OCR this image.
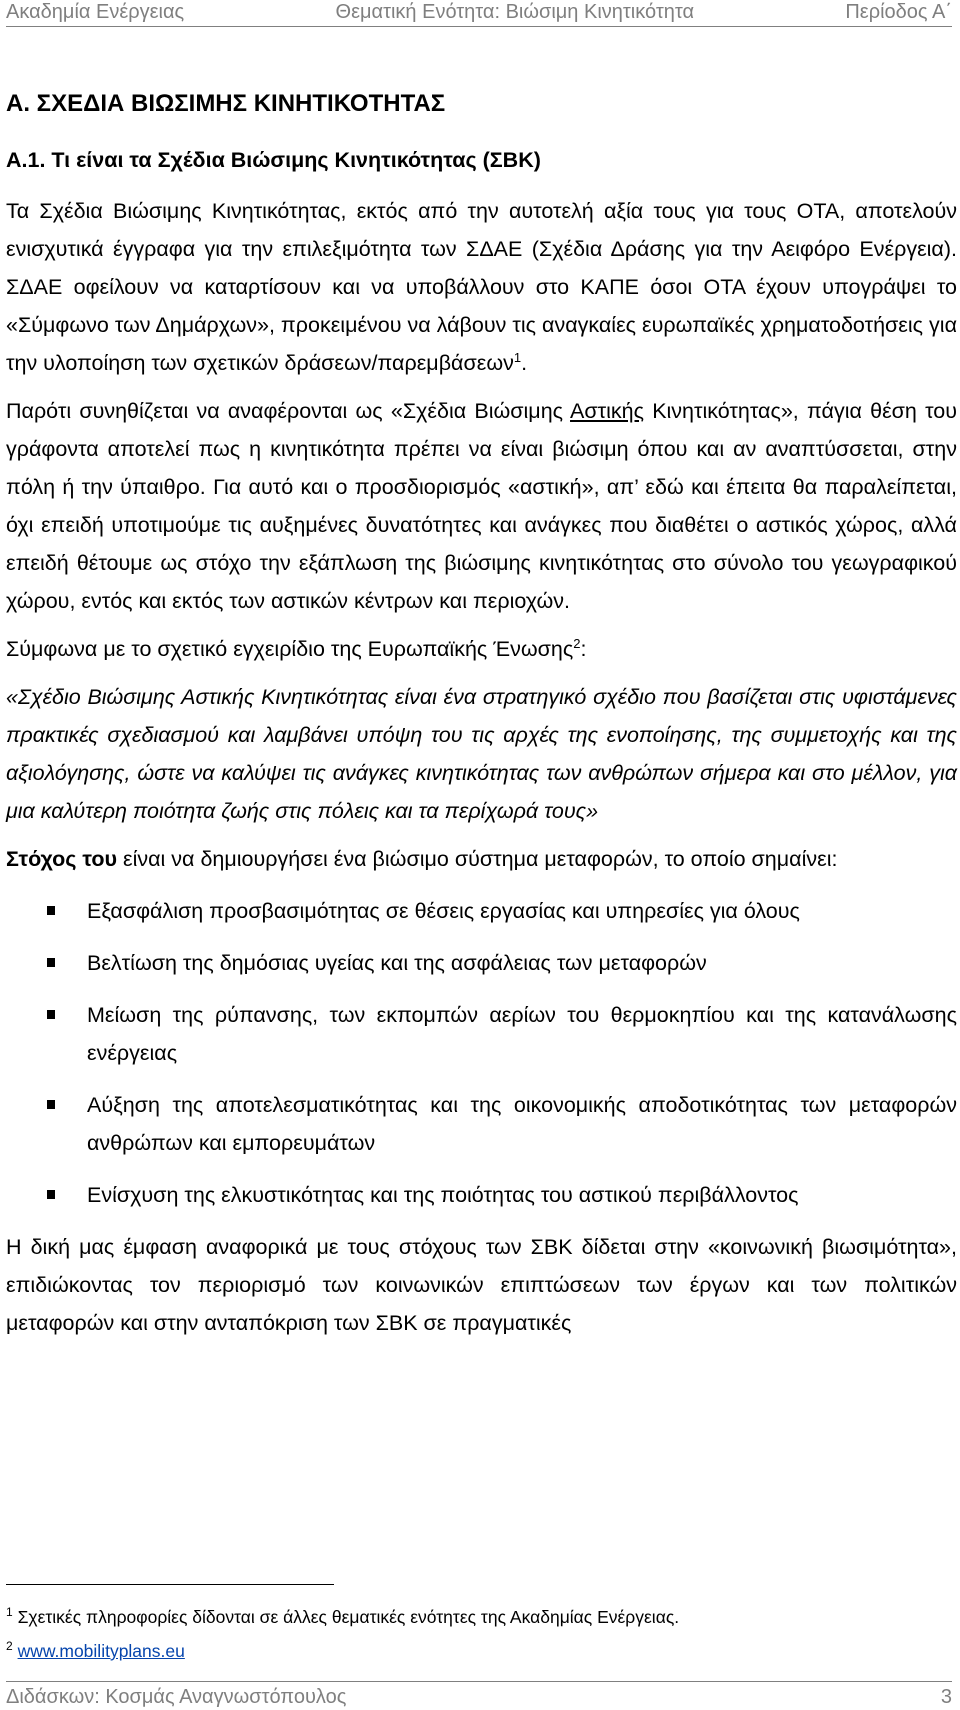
Ακαδημία Ενέργειας	Θεματική Ενότητα: Βιώσιμη Κινητικότητα	Περίοδος Α΄
Α. ΣΧΕΔΙΑ ΒΙΩΣΙΜΗΣ ΚΙΝΗΤΙΚΟΤΗΤΑΣ
Α.1. Τι είναι τα Σχέδια Βιώσιμης Κινητικότητας (ΣΒΚ)

Τα Σχέδια Βιώσιμης Κινητικότητας, εκτός από την αυτοτελή αξία τους για τους ΟΤΑ, αποτελούν ενισχυτικά έγγραφα για την επιλεξιμότητα των ΣΔΑΕ (Σχέδια Δράσης για την Αειφόρο Ενέργεια). ΣΔΑΕ οφείλουν να καταρτίσουν και να υποβάλλουν στο ΚΑΠΕ όσοι ΟΤΑ έχουν υπογράψει το «Σύμφωνο των Δημάρχων», προκειμένου να λάβουν τις αναγκαίες ευρωπαϊκές χρηματοδοτήσεις για την υλοποίηση των σχετικών δράσεων/παρεμβάσεων$^1$.

Παρότι συνηθίζεται να αναφέρονται ως «Σχέδια Βιώσιμης Αστικής Κινητικότητας», πάγια θέση του γράφοντα αποτελεί πως η κινητικότητα πρέπει να είναι βιώσιμη όπου και αν αναπτύσσεται, στην πόλη ή την ύπαιθρο. Για αυτό και ο προσδιορισμός «αστική», απ’ εδώ και έπειτα θα παραλείπεται, όχι επειδή υποτιμούμε τις αυξημένες δυνατότητες και ανάγκες που διαθέτει ο αστικός χώρος, αλλά επειδή θέτουμε ως στόχο την εξάπλωση της βιώσιμης κινητικότητας στο σύνολο του γεωγραφικού χώρου, εντός και εκτός των αστικών κέντρων και περιοχών.

Σύμφωνα με το σχετικό εγχειρίδιο της Ευρωπαϊκής Ένωσης$^2$:

«Σχέδιο Βιώσιμης Αστικής Κινητικότητας είναι ένα στρατηγικό σχέδιο που βασίζεται στις υφιστάμενες πρακτικές σχεδιασμού και λαμβάνει υπόψη του τις αρχές της ενοποίησης, της συμμετοχής και της αξιολόγησης, ώστε να καλύψει τις ανάγκες κινητικότητας των ανθρώπων σήμερα και στο μέλλον, για μια καλύτερη ποιότητα ζωής στις πόλεις και τα περίχωρά τους»

Στόχος του είναι να δημιουργήσει ένα βιώσιμο σύστημα μεταφορών, το οποίο σημαίνει:

Εξασφάλιση προσβασιμότητας σε θέσεις εργασίας και υπηρεσίες για όλους
Βελτίωση της δημόσιας υγείας και της ασφάλειας των μεταφορών
Μείωση της ρύπανσης, των εκπομπών αερίων του θερμοκηπίου και της κατανάλωσης ενέργειας
Αύξηση της αποτελεσματικότητας και της οικονομικής αποδοτικότητας των μεταφορών ανθρώπων και εμπορευμάτων
Ενίσχυση της ελκυστικότητας και της ποιότητας του αστικού περιβάλλοντος

Η δική μας έμφαση αναφορικά με τους στόχους των ΣΒΚ δίδεται στην «κοινωνική βιωσιμότητα», επιδιώκοντας τον περιορισμό των κοινωνικών επιπτώσεων των έργων και των πολιτικών μεταφορών και στην ανταπόκριση των ΣΒΚ σε πραγματικές

$^1$ Σχετικές πληροφορίες δίδονται σε άλλες θεματικές ενότητες της Ακαδημίας Ενέργειας.
$^2$ www.mobilityplans.eu
Διδάσκων: Κοσμάς Αναγνωστόπουλος	3
